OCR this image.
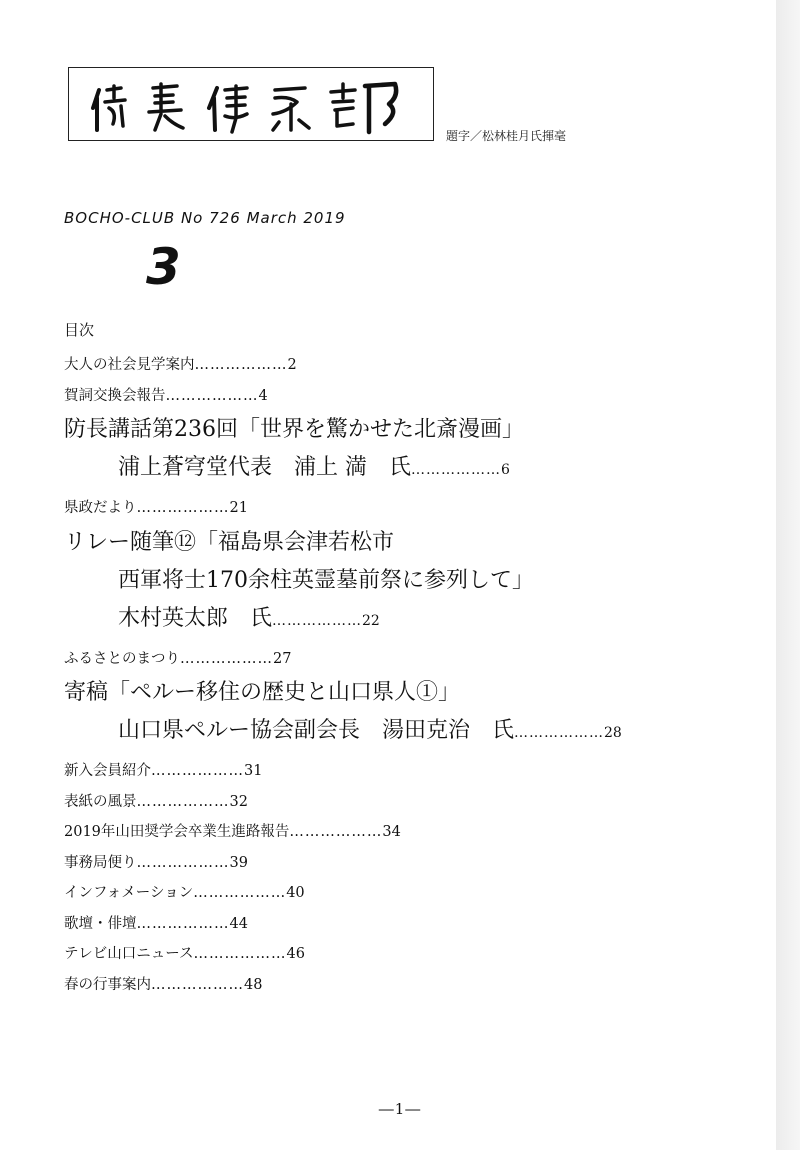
題字／松林桂月氏揮毫
BOCHO-CLUB No 726 March 2019
3
目次
大人の社会見学案内………………2
賀詞交換会報告………………4
防長講話第236回「世界を驚かせた北斎漫画」
浦上蒼穹堂代表　浦上 満　氏………………6
県政だより………………21
リレー随筆⑫「福島県会津若松市
西軍将士170余柱英霊墓前祭に参列して」
木村英太郎　氏………………22
ふるさとのまつり………………27
寄稿「ペルー移住の歴史と山口県人①」
山口県ペルー協会副会長　湯田克治　氏………………28
新入会員紹介………………31
表紙の風景………………32
2019年山田奨学会卒業生進路報告………………34
事務局便り………………39
インフォメーション………………40
歌壇・俳壇………………44
テレビ山口ニュース………………46
春の行事案内………………48
―1―
